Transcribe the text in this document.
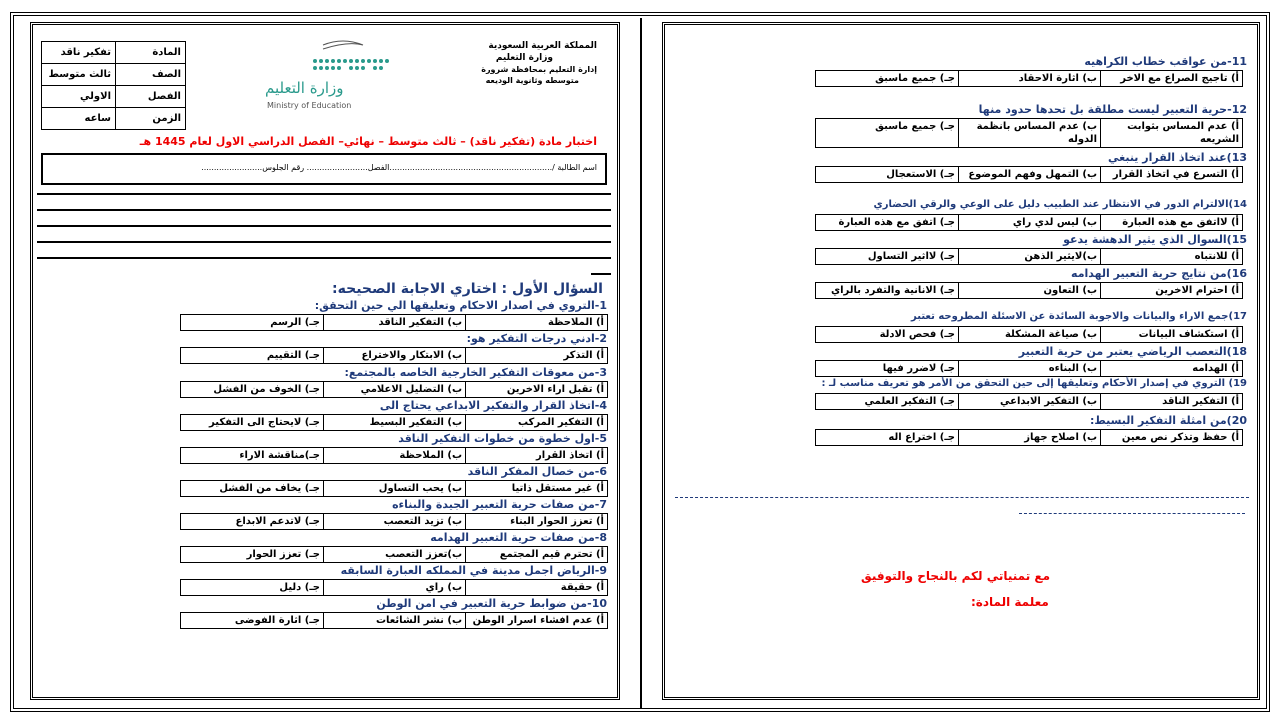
المملكة العربية السعودية
وزارة التعليم
إدارة التعليم بمحافظة شرورة
متوسطه وثانوية الوديعه
وزارة التعليم
Ministry of Education
المادة	تفكير ناقد
الصف	ثالث متوسط
الفصل	الاولي
الزمن	ساعه
اختبار مادة (تفكير ناقد) – ثالث متوسط – نهائي– الفصل الدراسي الاول لعام 1445 هـ
اسم الطالبة /................................................................الفصل........................ رقم الجلوس........................
السؤال الأول : اختاري الاجابة الصحيحه:
1-التروي في اصدار الاحكام وتعليقها الي حين التحقق:
أ) الملاحظة
ب) التفكير الناقد
جـ) الرسم
2-ادني درجات التفكير هو:
أ) التذكر
ب) الابتكار والاختراع
جـ) التقييم
3-من معوقات التفكير الخارجية الخاصه بالمجتمع:
أ) تقبل اراء الاخرين
ب) التضليل الاعلامي
جـ) الخوف من الفشل
4-اتخاذ القرار والتفكير الابداعي يحتاج الى
أ) التفكير المركب
ب) التفكير البسيط
جـ) لايحتاج الى التفكير
5-اول خطوة من خطوات التفكير الناقد
أ) اتخاذ القرار
ب) الملاحظة
جـ)مناقشة الاراء
6-من خصال المفكر الناقد
أ) غير مستقل ذاتيا
ب) يحب التساول
جـ) يخاف من الفشل
7-من صفات حرية التعبير الجيدة والبناءه
أ) تعزز الحوار البناء
ب) تزيد التعصب
جـ) لاتدعم الابداع
8-من صفات حرية التعبير الهدامه
أ) تحترم قيم المجتمع
ب)تعزز التعصب
جـ) تعزز الحوار
9-الرياض اجمل مدينة في المملكه العبارة السابقه
أ) حقيقة
ب) راي
جـ) دليل
10-من ضوابط حرية التعبير في امن الوطن
أ) عدم افشاء اسرار الوطن
ب) نشر الشائعات
جـ) اثارة الفوضى
11-من عواقب خطاب الكراهيه
أ) تاجيج الصراع مع الاخر
ب) اثارة الاحقاد
جـ) جميع ماسبق
12-حرية التعبير ليست مطلقة بل تحدها حدود منها
أ) عدم المساس بثوابت الشريعه
ب) عدم المساس بانظمة الدوله
جـ) جميع ماسبق
13)عند اتخاذ القرار ينبغي
أ) التسرع في اتخاذ القرار
ب) التمهل وفهم الموضوع
جـ) الاستعجال
14)الالترام الدور في الانتظار عند الطبيب دليل على الوعي والرقي الحضاري
أ) لااتفق مع هذه العبارة
ب) ليس لدي راي
جـ) اتفق مع هذه العبارة
15)السوال الذي يثير الدهشة يدعو
أ) للانتباه
ب)لايثير الذهن
جـ) لااثير التساول
16)من نتايج حرية التعبير الهدامه
أ) احترام الاخرين
ب) التعاون
جـ) الانانية والتفرد بالراي
17)جمع الاراء والبيانات والاجوبة السائدة عن الاسئلة المطروحه تعتبر
أ) استكشاف البيانات
ب) صياغة المشكلة
جـ) فحص الادلة
18)التعصب الرياضي يعتبر من حرية التعبير
أ) الهدامه
ب) البناءه
جـ) لاضرر فيها
19) التروي في إصدار الأحكام وتعليقها إلى حين التحقق من الأمر هو تعريف مناسب لـ :
أ) التفكير الناقد
ب) التفكير الابداعي
جـ) التفكير العلمي
20)من امثلة التفكير البسيط:
أ) حفظ وتذكر نص معين
ب) اصلاح جهاز
جـ) اختراع اله
مع تمنياتي لكم بالنجاح والتوفيق
معلمة المادة:
